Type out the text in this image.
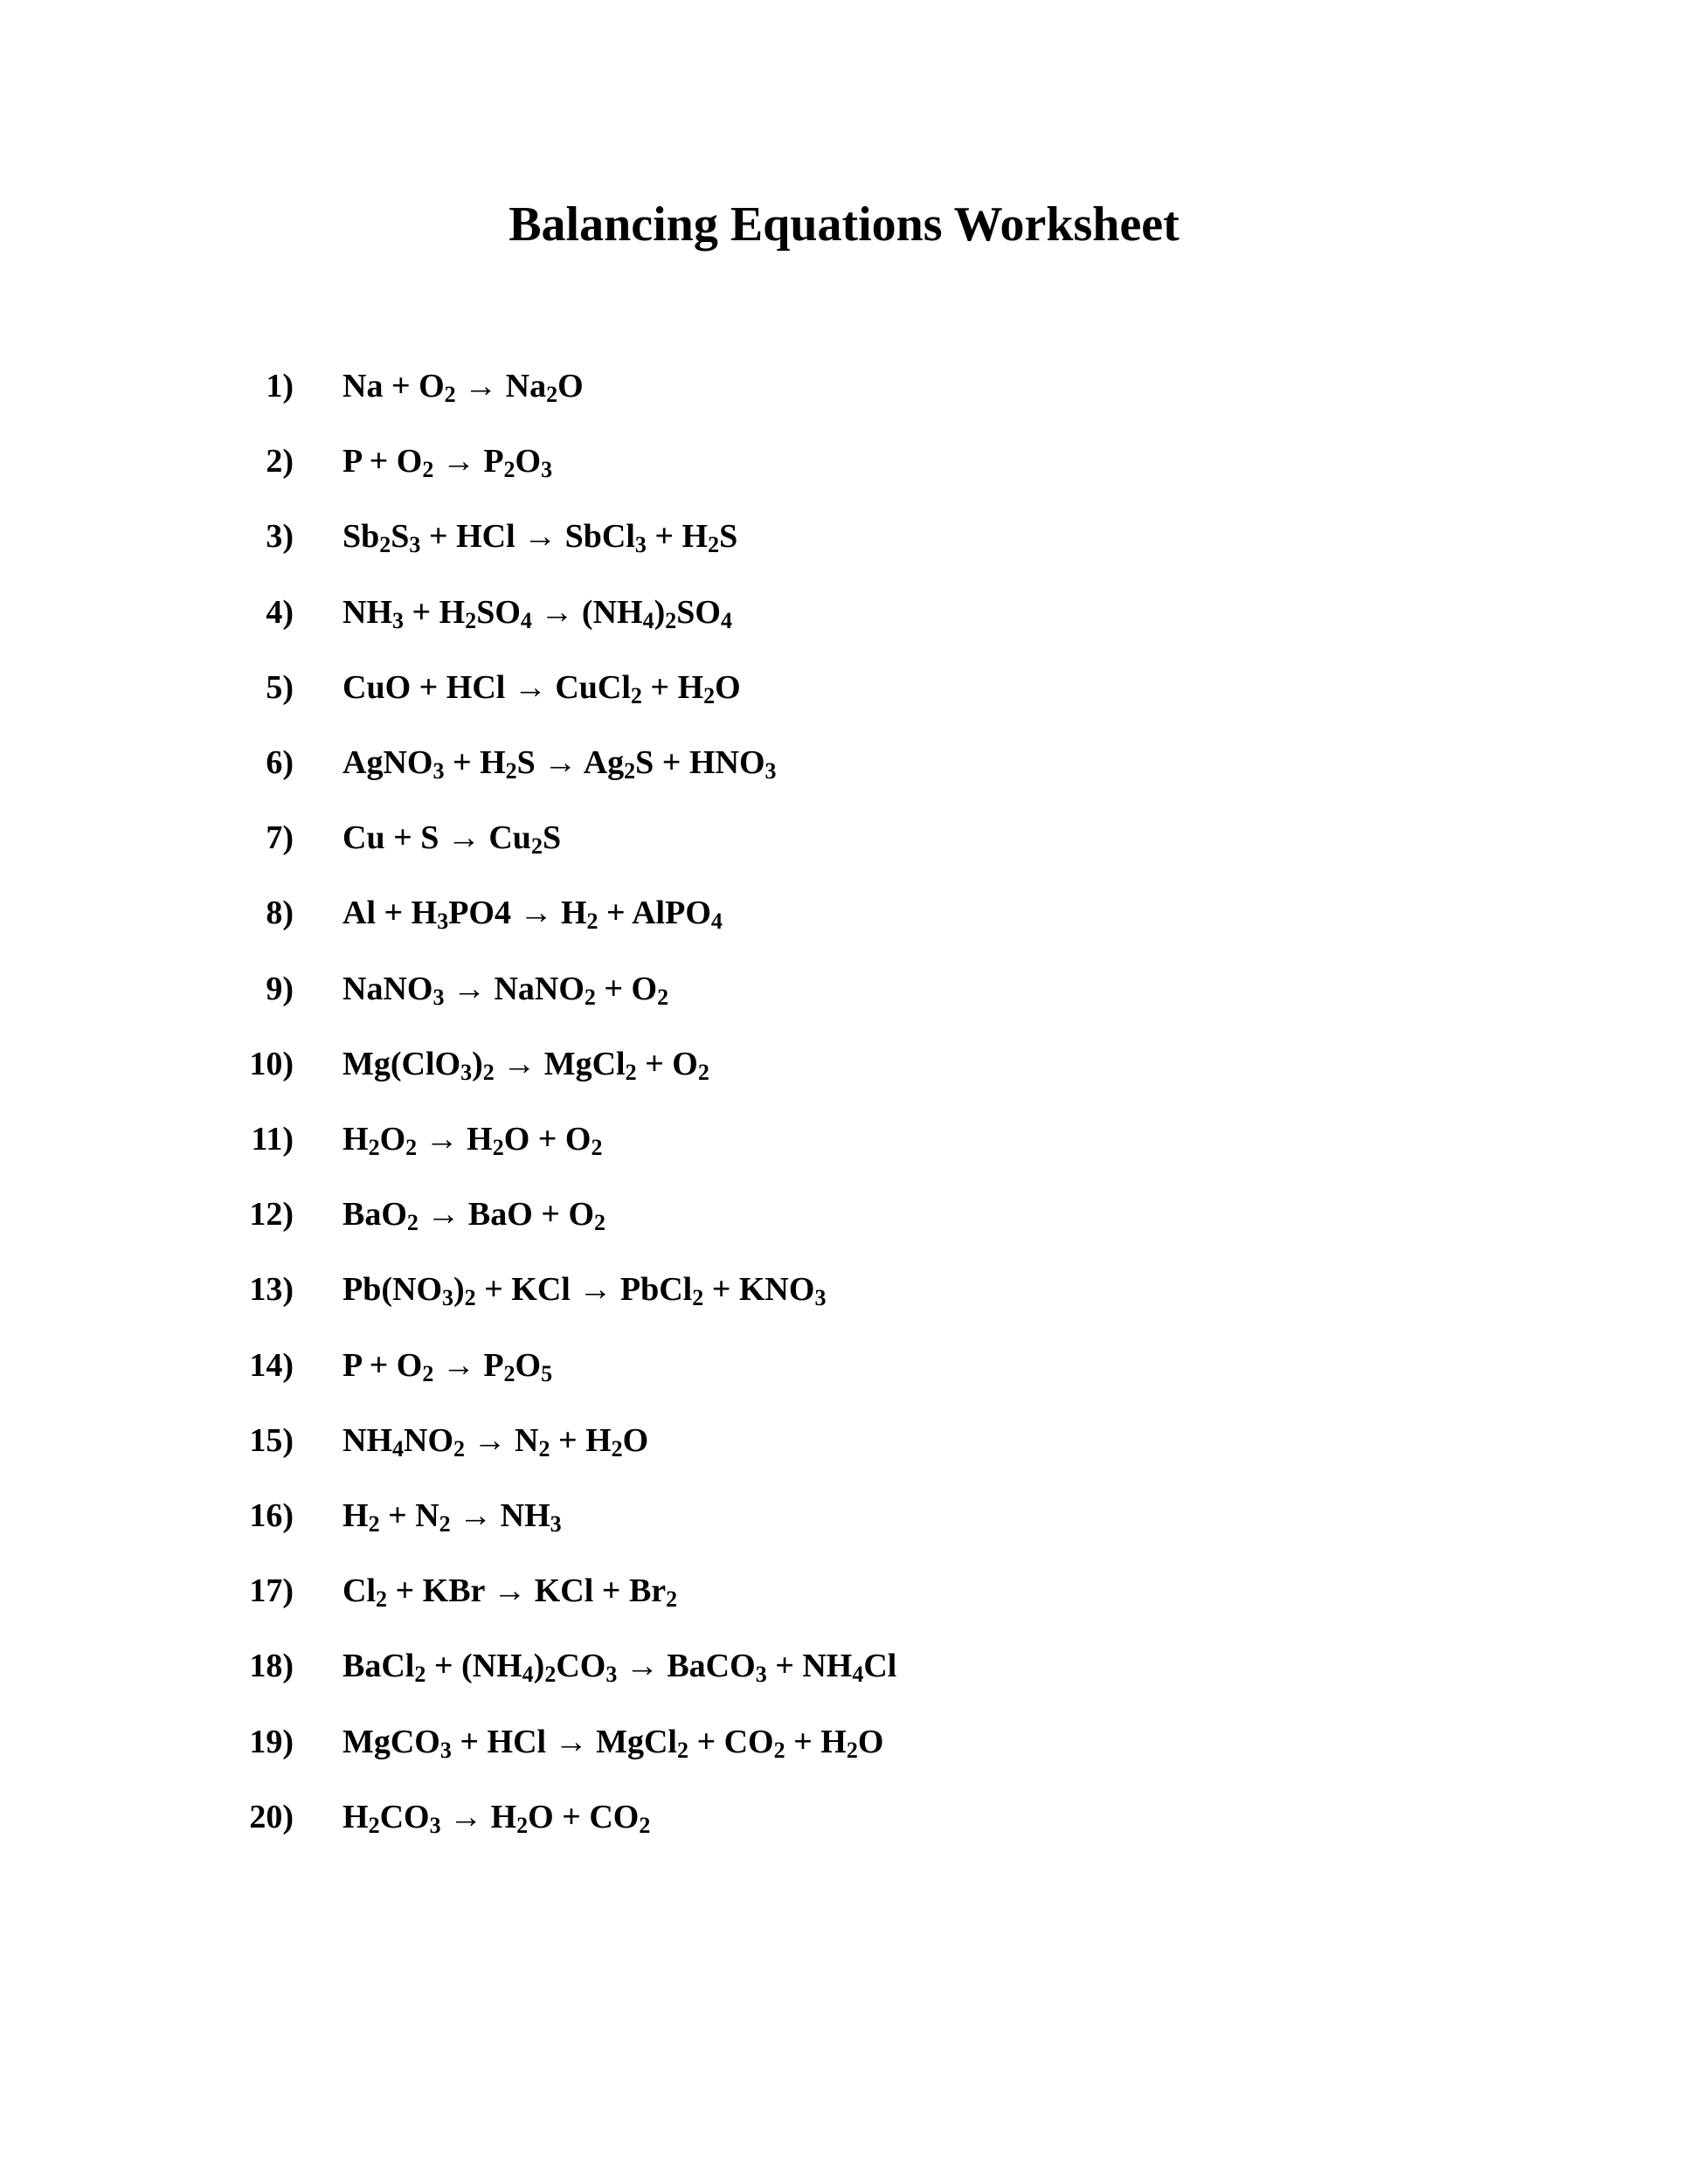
Balancing Equations Worksheet
1) $Na + O_2 \to Na_2O$
2) $P + O_2 \to P_2O_3$
3) $Sb_2S_3$ + HCl → SbCl$_3$ + $H_2S$
4) $NH_3 + H_2SO_4 \to (NH_4)_2SO_4$
5) CuO + HCl → CuCl$_2$ + $H_2O$
6) AgNO$_3$ + $H_2S \to Ag_2S + HNO_3$
7) $Cu + S \to Cu_2S$
8) $Al + H_3PO4 \to H_2$ + AlPO$_4$
9) NaNO$_3$ → NaNO$_2$ + $O_2$
10) $Mg(ClO_3)_2$ → MgCl$_2$ + $O_2$
11) $H_2O_2 \to H_2O + O_2$
12) BaO$_2$ → BaO + $O_2$
13) $Pb(NO_3)_2$ + KCl → PbCl$_2$ + $KNO_3$
14) $P + O_2 \to P_2O_5$
15) $NH_4NO_2 \to N_2 + H_2O$
16) $H_2 + N_2 \to NH_3$
17) $Cl_2$ + KBr → KCl + $Br_2$
18) BaCl$_2$ + $(NH_4)_2CO_3$ → BaCO$_3$ + $NH_4Cl$
19) MgCO$_3$ + HCl → MgCl$_2$ + $CO_2 + H_2O$
20) $H_2CO_3 \to H_2O + CO_2$
